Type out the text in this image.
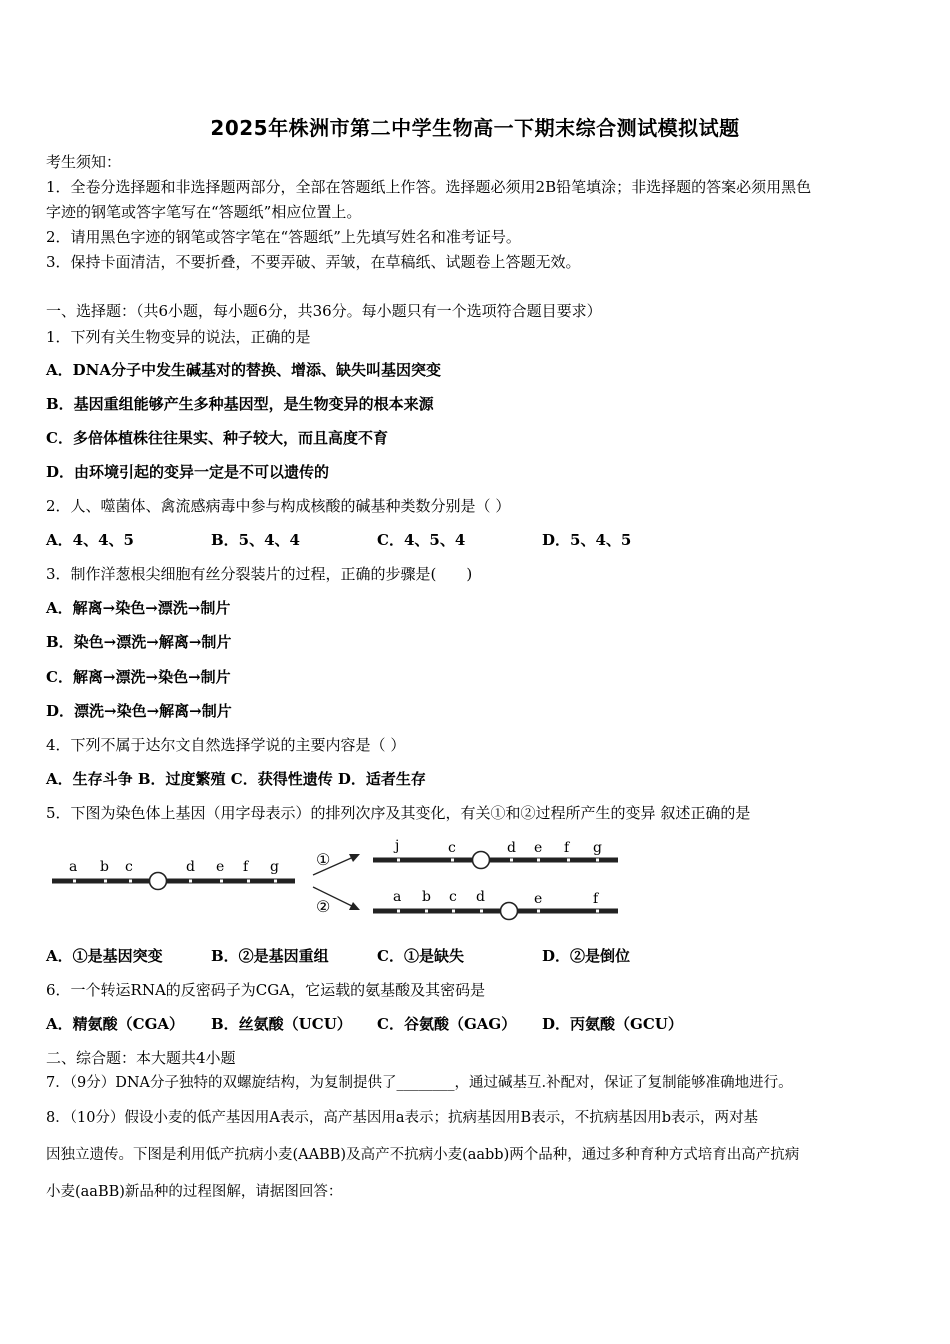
2025年株洲市第二中学生物高一下期末综合测试模拟试题
考生须知：
1．全卷分选择题和非选择题两部分，全部在答题纸上作答。选择题必须用2B铅笔填涂；非选择题的答案必须用黑色
字迹的钢笔或答字笔写在“答题纸”相应位置上。
2．请用黑色字迹的钢笔或答字笔在“答题纸”上先填写姓名和准考证号。
3．保持卡面清洁，不要折叠，不要弄破、弄皱，在草稿纸、试题卷上答题无效。
一、选择题：（共6小题，每小题6分，共36分。每小题只有一个选项符合题目要求）
1．下列有关生物变异的说法，正确的是
A．DNA分子中发生碱基对的替换、增添、缺失叫基因突变
B．基因重组能够产生多种基因型，是生物变异的根本来源
C．多倍体植株往往果实、种子较大，而且高度不育
D．由环境引起的变异一定是不可以遗传的
2．人、噬菌体、禽流感病毒中参与构成核酸的碱基种类数分别是（ ）
A．4、4、5	B．5、4、4	C．4、5、4	D．5、4、5
3．制作洋葱根尖细胞有丝分裂装片的过程，正确的步骤是(　　)
A．解离→染色→漂洗→制片
B．染色→漂洗→解离→制片
C．解离→漂洗→染色→制片
D．漂洗→染色→解离→制片
4．下列不属于达尔文自然选择学说的主要内容是（ ）
A．生存斗争 B．过度繁殖 C．获得性遗传 D．适者生存
5．下图为染色体上基因（用字母表示）的排列次序及其变化，有关①和②过程所产生的变异 叙述正确的是
a b c	d e f g ①
②
j	c	d e f g
a b c d	e	f
A．①是基因突变	B．②是基因重组	C．①是缺失	D．②是倒位
6．一个转运RNA的反密码子为CGA，它运载的氨基酸及其密码是
A．精氨酸（CGA） B．丝氨酸（UCU） C．谷氨酸（GAG） D．丙氨酸（GCU）
二、综合题：本大题共4小题
7．（9分）DNA分子独特的双螺旋结构，为复制提供了________，通过碱基互.补配对，保证了复制能够准确地进行。
8．（10分）假设小麦的低产基因用A表示，高产基因用a表示；抗病基因用B表示，不抗病基因用b表示，两对基
因独立遗传。下图是利用低产抗病小麦(AABB)及高产不抗病小麦(aabb)两个品种，通过多种育种方式培育出高产抗病
小麦(aaBB)新品种的过程图解，请据图回答：
